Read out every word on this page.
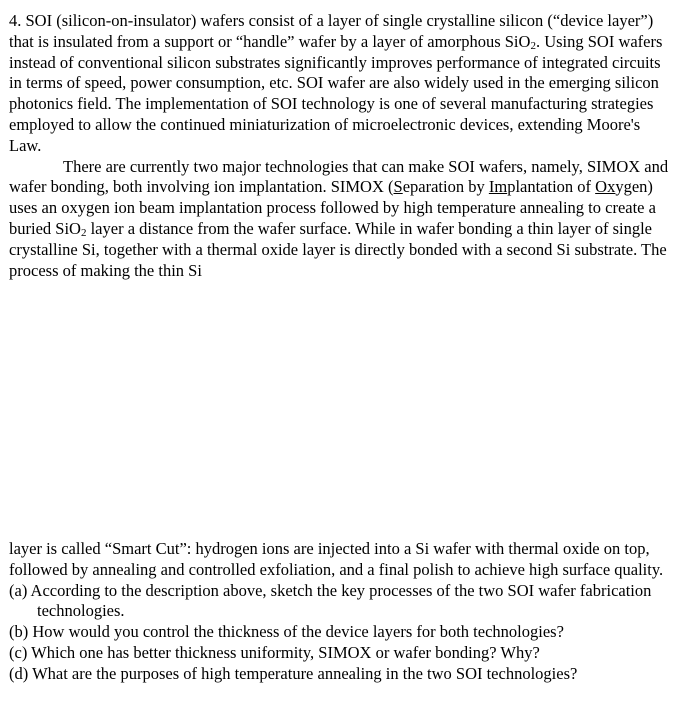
4. SOI (silicon-on-insulator) wafers consist of a layer of single crystalline silicon (“device layer”) that is insulated from a support or “handle” wafer by a layer of amorphous SiO$_2$. Using SOI wafers instead of conventional silicon substrates significantly improves performance of integrated circuits in terms of speed, power consumption, etc. SOI wafer are also widely used in the emerging silicon photonics field. The implementation of SOI technology is one of several manufacturing strategies employed to allow the continued miniaturization of microelectronic devices, extending Moore's Law.

There are currently two major technologies that can make SOI wafers, namely, SIMOX and wafer bonding, both involving ion implantation. SIMOX (Separation by Implantation of Oxygen) uses an oxygen ion beam implantation process followed by high temperature annealing to create a buried SiO$_2$ layer a distance from the wafer surface. While in wafer bonding a thin layer of single crystalline Si, together with a thermal oxide layer is directly bonded with a second Si substrate. The process of making the thin Si

layer is called “Smart Cut”: hydrogen ions are injected into a Si wafer with thermal oxide on top, followed by annealing and controlled exfoliation, and a final polish to achieve high surface quality.

(a) According to the description above, sketch the key processes of the two SOI wafer fabrication technologies.

(b) How would you control the thickness of the device layers for both technologies?

(c) Which one has better thickness uniformity, SIMOX or wafer bonding? Why?

(d) What are the purposes of high temperature annealing in the two SOI technologies?
